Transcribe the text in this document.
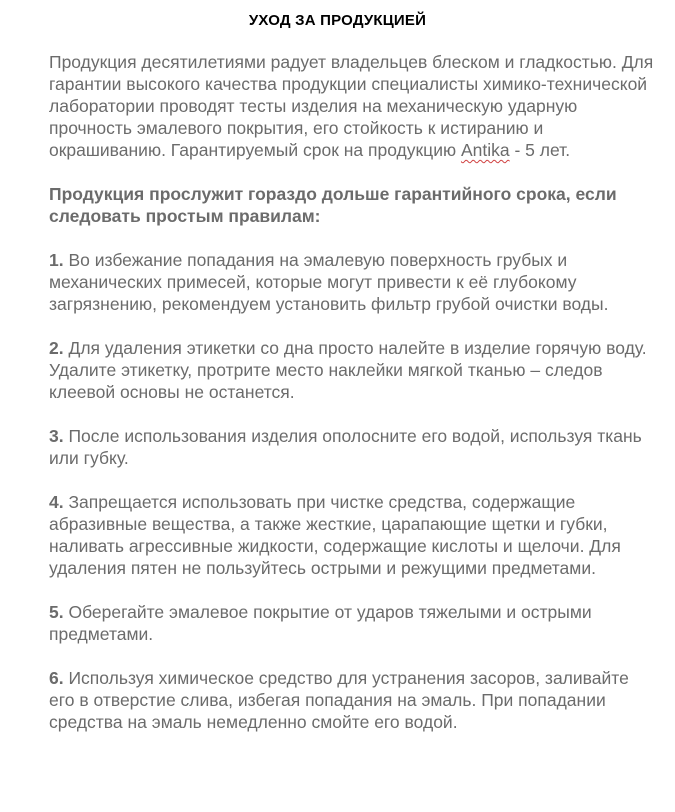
УХОД ЗА ПРОДУКЦИЕЙ

Продукция десятилетиями радует владельцев блеском и гладкостью. Для гарантии высокого качества продукции специалисты химико-технической лаборатории проводят тесты изделия на механическую ударную прочность эмалевого покрытия, его стойкость к истиранию и окрашиванию. Гарантируемый срок на продукцию Antika - 5 лет.

Продукция прослужит гораздо дольше гарантийного срока, если следовать простым правилам:

1. Во избежание попадания на эмалевую поверхность грубых и механических примесей, которые могут привести к её глубокому загрязнению, рекомендуем установить фильтр грубой очистки воды.

2. Для удаления этикетки со дна просто налейте в изделие горячую воду. Удалите этикетку, протрите место наклейки мягкой тканью – следов клеевой основы не останется.

3. После использования изделия ополосните его водой, используя ткань или губку.

4. Запрещается использовать при чистке средства, содержащие абразивные вещества, а также жесткие, царапающие щетки и губки, наливать агрессивные жидкости, содержащие кислоты и щелочи. Для удаления пятен не пользуйтесь острыми и режущими предметами.

5. Оберегайте эмалевое покрытие от ударов тяжелыми и острыми предметами.

6. Используя химическое средство для устранения засоров, заливайте его в отверстие слива, избегая попадания на эмаль. При попадании средства на эмаль немедленно смойте его водой.
